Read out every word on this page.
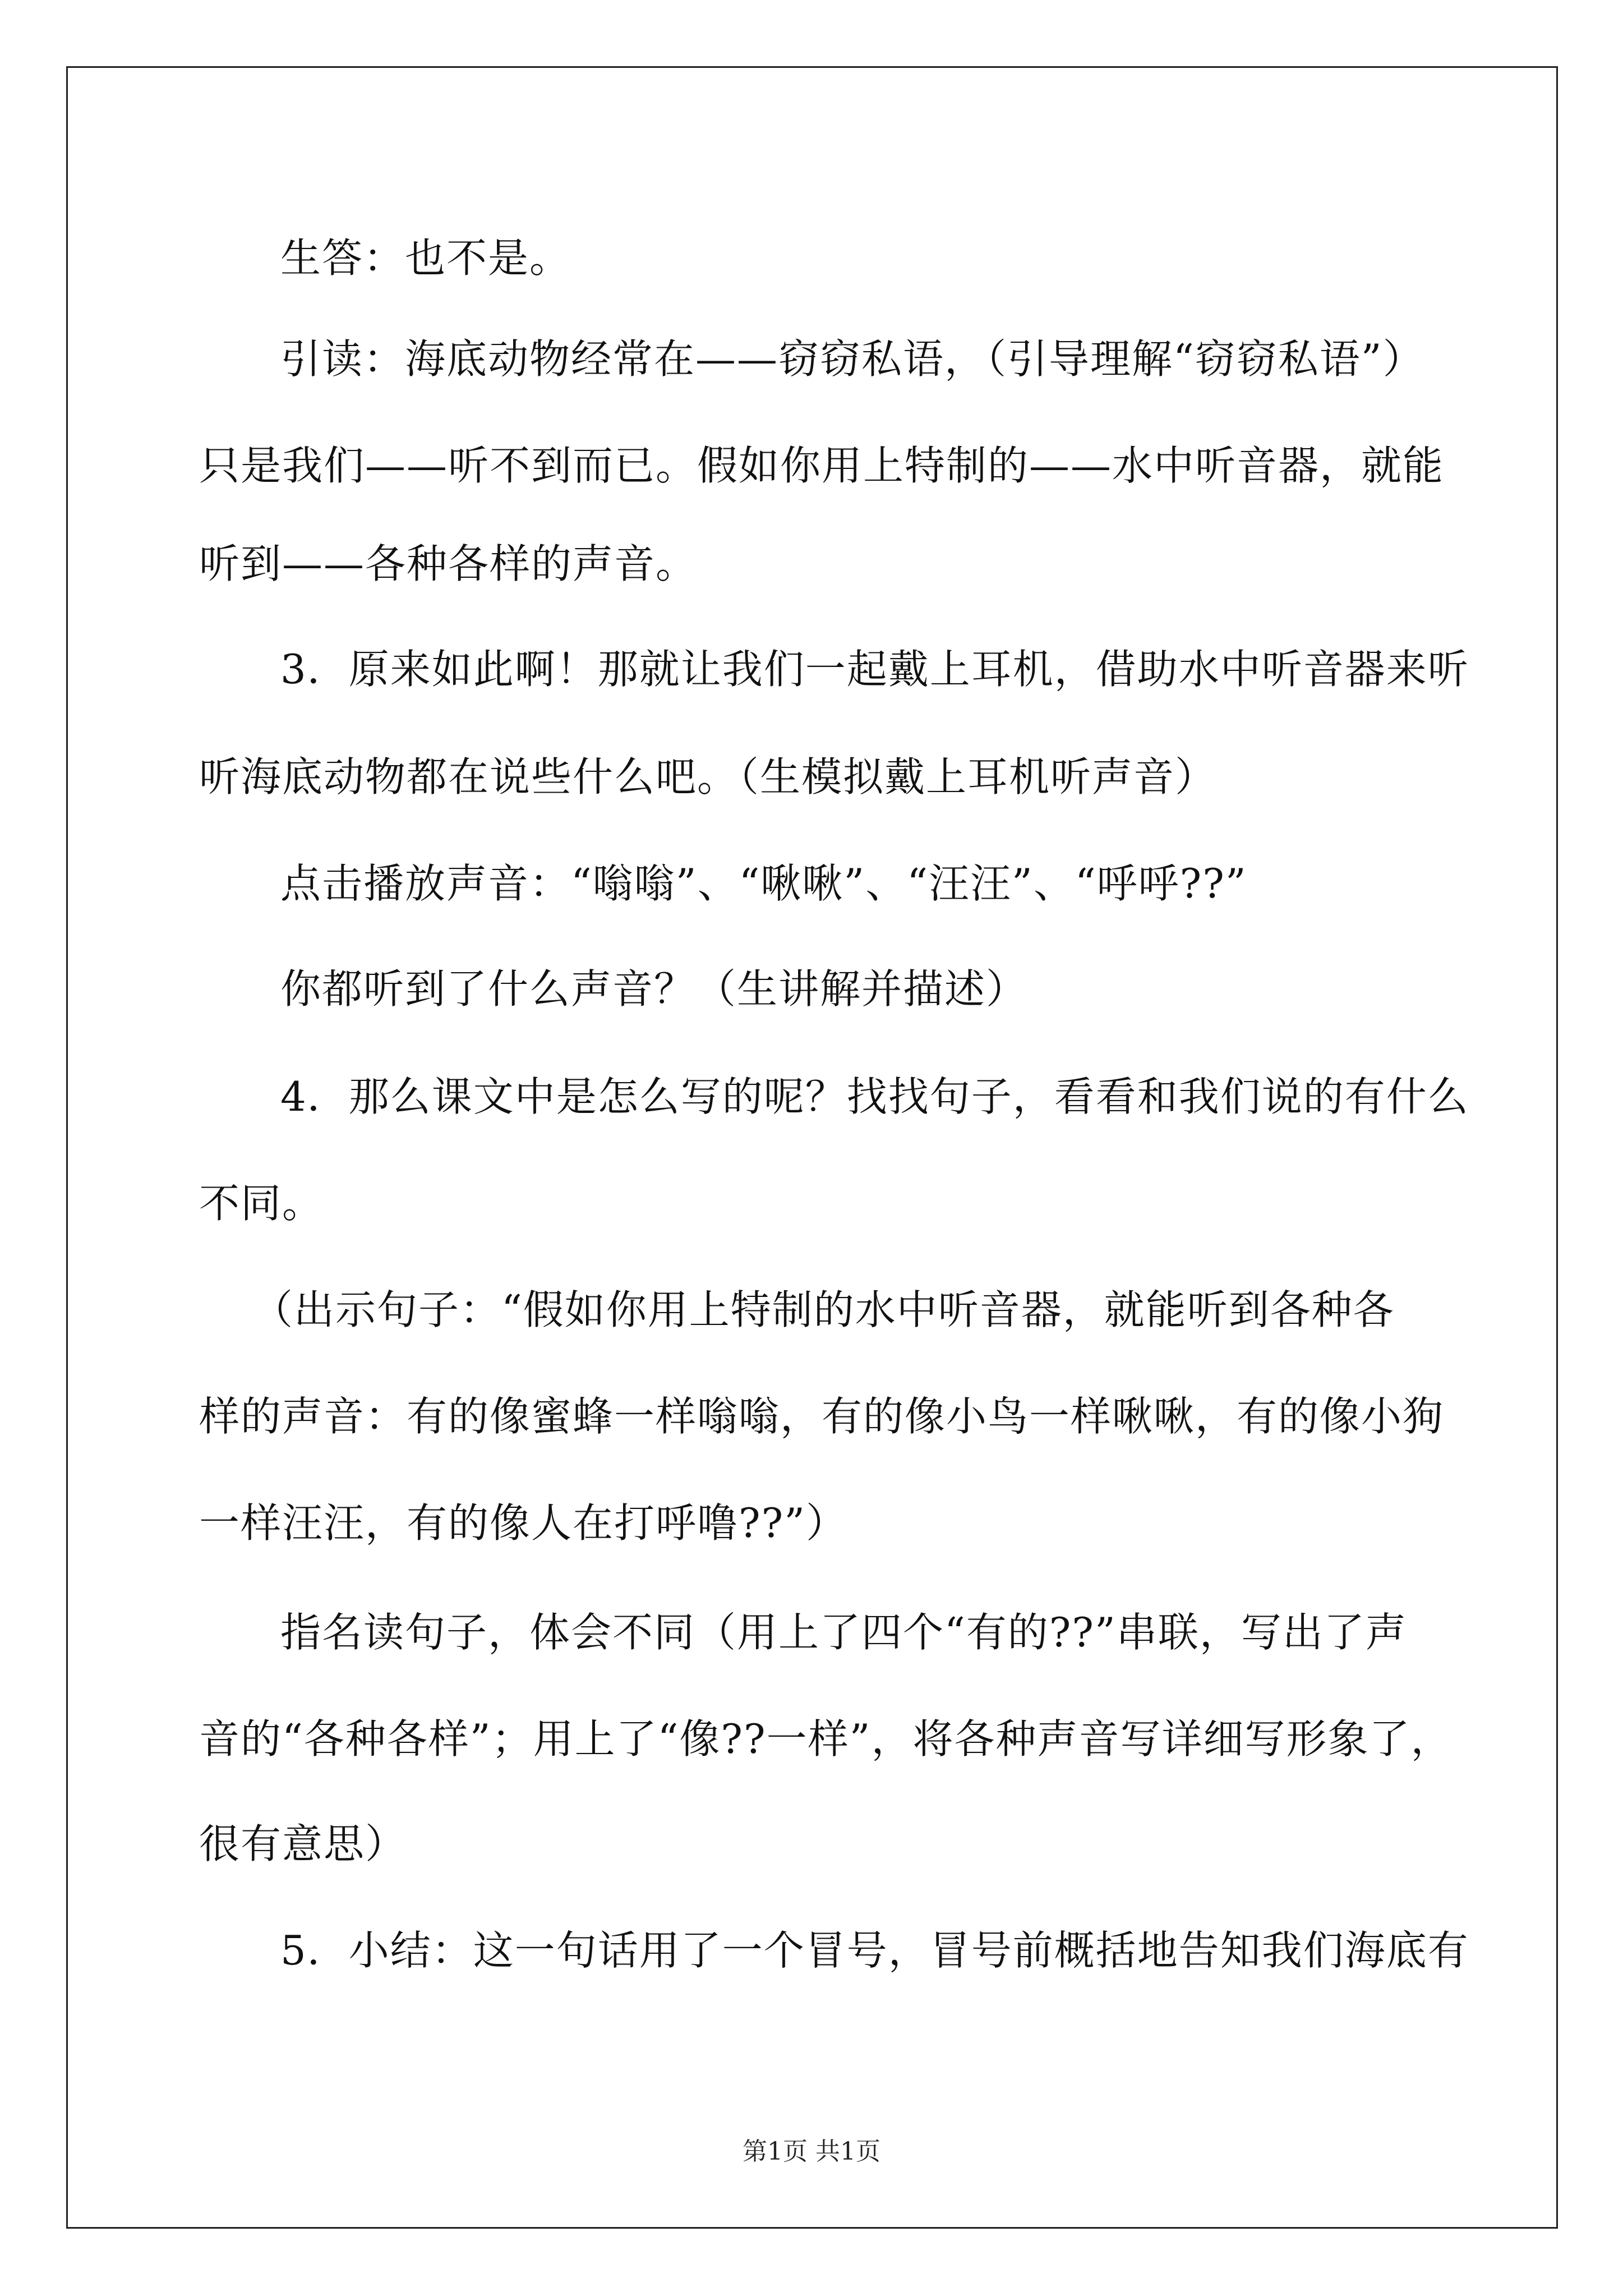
生答：也不是。
引读：海底动物经常在——窃窃私语，（引导理解“窃窃私语”）
只是我们——听不到而已。假如你用上特制的——水中听音器，就能
听到——各种各样的声音。
3．原来如此啊！那就让我们一起戴上耳机，借助水中听音器来听
听海底动物都在说些什么吧。（生模拟戴上耳机听声音）
点击播放声音：“嗡嗡”、“啾啾”、“汪汪”、“呼呼??”
你都听到了什么声音？（生讲解并描述）
4．那么课文中是怎么写的呢？找找句子，看看和我们说的有什么
不同。
（出示句子：“假如你用上特制的水中听音器，就能听到各种各
样的声音：有的像蜜蜂一样嗡嗡，有的像小鸟一样啾啾，有的像小狗
一样汪汪，有的像人在打呼噜??”）
指名读句子，体会不同（用上了四个“有的??”串联，写出了声
音的“各种各样”；用上了“像??一样”，将各种声音写详细写形象了，
很有意思）
5．小结：这一句话用了一个冒号，冒号前概括地告知我们海底有
第1页 共1页
